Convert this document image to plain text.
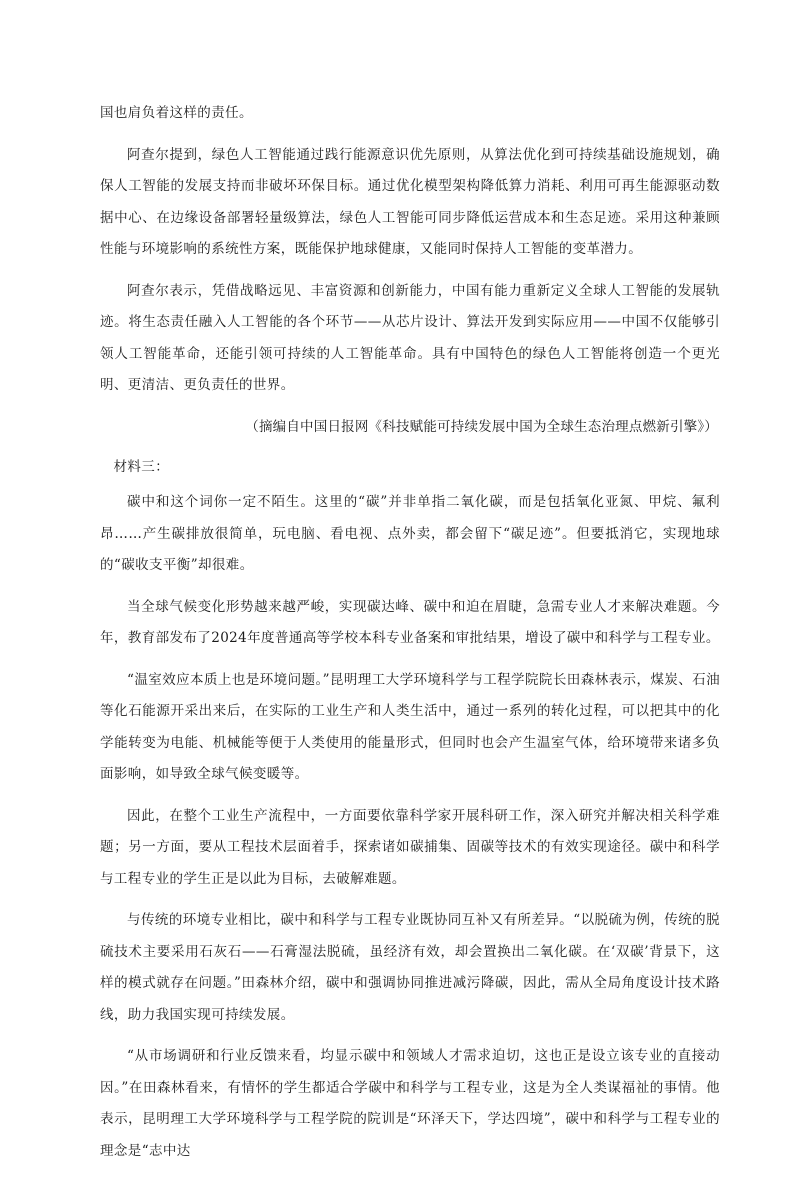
国也肩负着这样的责任。

阿查尔提到，绿色人工智能通过践行能源意识优先原则，从算法优化到可持续基础设施规划，确保人工智能的发展支持而非破坏环保目标。通过优化模型架构降低算力消耗、利用可再生能源驱动数据中心、在边缘设备部署轻量级算法，绿色人工智能可同步降低运营成本和生态足迹。采用这种兼顾性能与环境影响的系统性方案，既能保护地球健康，又能同时保持人工智能的变革潜力。

阿查尔表示，凭借战略远见、丰富资源和创新能力，中国有能力重新定义全球人工智能的发展轨迹。将生态责任融入人工智能的各个环节——从芯片设计、算法开发到实际应用——中国不仅能够引领人工智能革命，还能引领可持续的人工智能革命。具有中国特色的绿色人工智能将创造一个更光明、更清洁、更负责任的世界。

（摘编自中国日报网《科技赋能可持续发展中国为全球生态治理点燃新引擎》）

材料三：

碳中和这个词你一定不陌生。这里的“碳”并非单指二氧化碳，而是包括氧化亚氮、甲烷、氟利昂……产生碳排放很简单，玩电脑、看电视、点外卖，都会留下“碳足迹”。但要抵消它，实现地球的“碳收支平衡”却很难。

当全球气候变化形势越来越严峻，实现碳达峰、碳中和迫在眉睫，急需专业人才来解决难题。今年，教育部发布了2024年度普通高等学校本科专业备案和审批结果，增设了碳中和科学与工程专业。

“温室效应本质上也是环境问题。”昆明理工大学环境科学与工程学院院长田森林表示，煤炭、石油等化石能源开采出来后，在实际的工业生产和人类生活中，通过一系列的转化过程，可以把其中的化学能转变为电能、机械能等便于人类使用的能量形式，但同时也会产生温室气体，给环境带来诸多负面影响，如导致全球气候变暖等。

因此，在整个工业生产流程中，一方面要依靠科学家开展科研工作，深入研究并解决相关科学难题；另一方面，要从工程技术层面着手，探索诸如碳捕集、固碳等技术的有效实现途径。碳中和科学与工程专业的学生正是以此为目标，去破解难题。

与传统的环境专业相比，碳中和科学与工程专业既协同互补又有所差异。“以脱硫为例，传统的脱硫技术主要采用石灰石——石膏湿法脱硫，虽经济有效，却会置换出二氧化碳。在‘双碳’背景下，这样的模式就存在问题。”田森林介绍，碳中和强调协同推进减污降碳，因此，需从全局角度设计技术路线，助力我国实现可持续发展。

“从市场调研和行业反馈来看，均显示碳中和领域人才需求迫切，这也正是设立该专业的直接动因。”在田森林看来，有情怀的学生都适合学碳中和科学与工程专业，这是为全人类谋福祉的事情。他表示，昆明理工大学环境科学与工程学院的院训是“环泽天下，学达四境”，碳中和科学与工程专业的理念是“志中达
